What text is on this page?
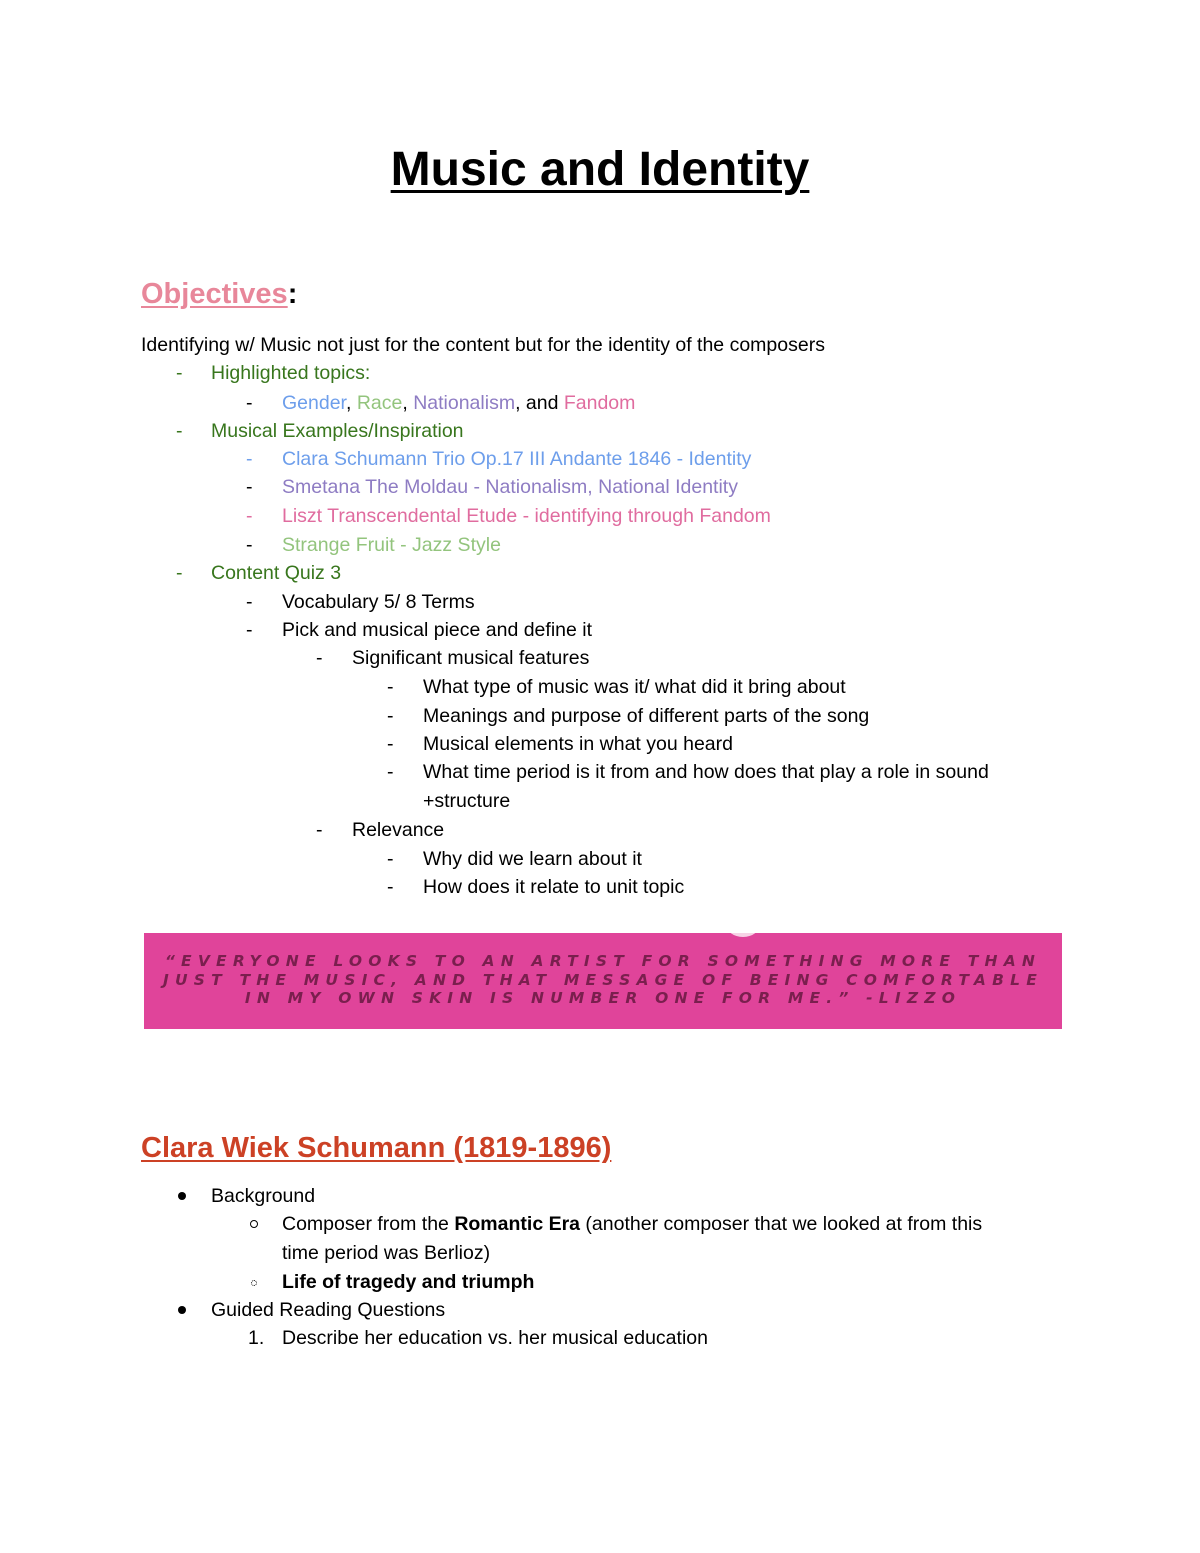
Music and Identity
Objectives:
Identifying w/ Music not just for the content but for the identity of the composers
-	Highlighted topics:
-	Gender, Race, Nationalism, and Fandom
-	Musical Examples/Inspiration
-	Clara Schumann Trio Op.17 III Andante 1846 - Identity
-	Smetana The Moldau - Nationalism, National Identity
-	Liszt Transcendental Etude - identifying through Fandom
-	Strange Fruit - Jazz Style
-	Content Quiz 3
-	Vocabulary 5/ 8 Terms
-	Pick and musical piece and define it
-	Significant musical features
-	What type of music was it/ what did it bring about
-	Meanings and purpose of different parts of the song
-	Musical elements in what you heard
-	What time period is it from and how does that play a role in sound
+structure
-	Relevance
-	Why did we learn about it
-	How does it relate to unit topic
“EVERYONE LOOKS TO AN ARTIST FOR SOMETHING MORE THAN
JUST THE MUSIC, AND THAT MESSAGE OF BEING COMFORTABLE
IN MY OWN SKIN IS NUMBER ONE FOR ME.” -LIZZO
Clara Wiek Schumann (1819-1896)
Background
Composer from the Romantic Era (another composer that we looked at from this
time period was Berlioz)
Life of tragedy and triumph
Guided Reading Questions
1. Describe her education vs. her musical education
